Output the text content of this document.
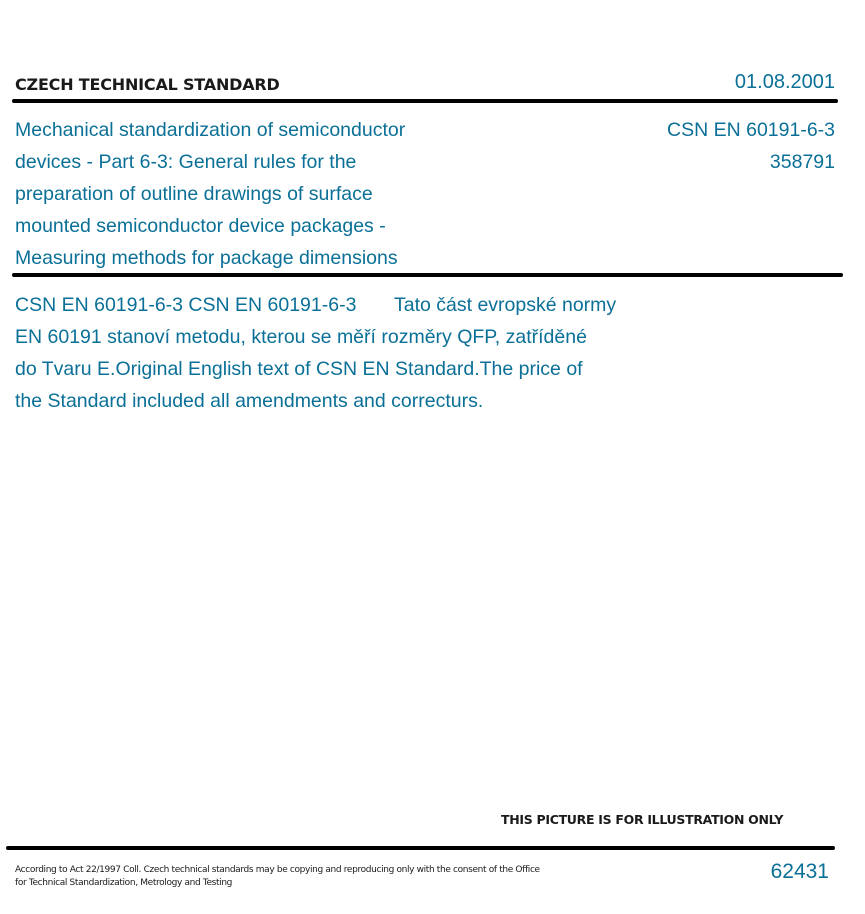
CZECH TECHNICAL STANDARD	01.08.2001
Mechanical standardization of semiconductor
devices - Part 6-3: General rules for the
preparation of outline drawings of surface
mounted semiconductor device packages -
Measuring methods for package dimensions
CSN EN 60191-6-3
358791
CSN EN 60191-6-3 CSN EN 60191-6-3       Tato část evropské normy
EN 60191 stanoví metodu, kterou se měří rozměry QFP, zatříděné
do Tvaru E.Original English text of CSN EN Standard.The price of
the Standard included all amendments and correcturs.
THIS PICTURE IS FOR ILLUSTRATION ONLY
According to Act 22/1997 Coll. Czech technical standards may be copying and reproducing only with the consent of the Office
for Technical Standardization, Metrology and Testing	62431
